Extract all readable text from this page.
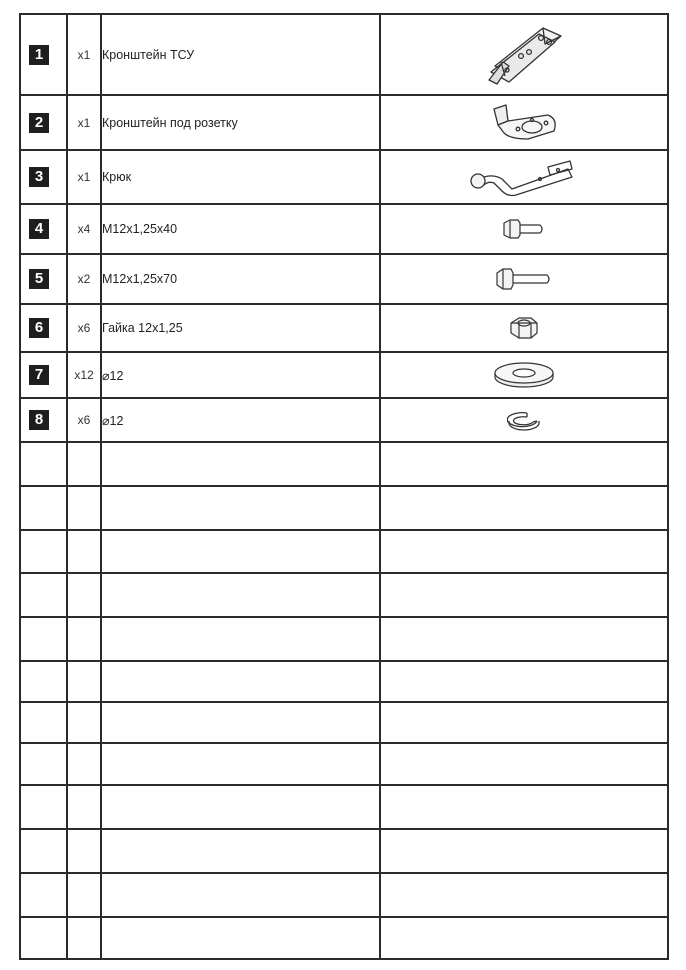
1	x1	Кронштейн ТСУ	
2	x1	Кронштейн под розетку	
3	x1	Крюк	
4	x4	M12x1,25x40	
5	x2	M12x1,25x70	
6	x6	Гайка 12x1,25	
7	x12	⌀12	
8	x6	⌀12	
